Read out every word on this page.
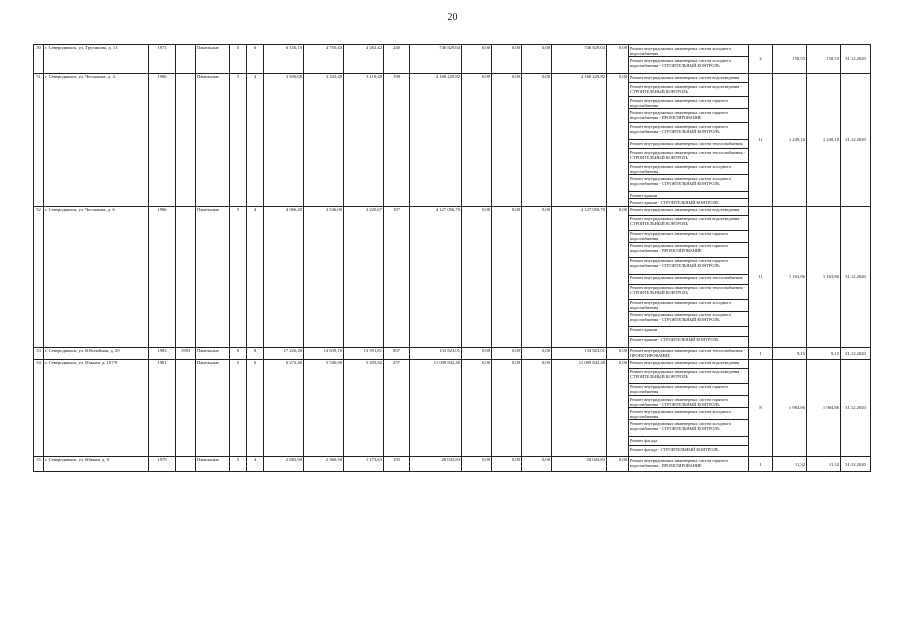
20
50	г. Северодвинск, ул. Трухинова, д. 13	1975		Панельные	5	6	6 150,15	4 750,43	4 262,42	240	746 829,04	0,00	0,00	0,00	746 829,04	0,00	Ремонт внутридомовых инженерных систем холодного водоснабжения	2	158,53	158,53	31.12.2020
																	Ремонт внутридомовых инженерных систем холодного водоснабжения - СТРОИТЕЛЬНЫЙ КОНТРОЛЬ				
51	г. Северодвинск, ул. Чеснокова, д. 4	1986		Панельные	5	4	3 856,68	3 332,40	3 119,40	198	4 168 229,82	0,00	0,00	0,00	4 168 229,82	0,00	Ремонт внутридомовых инженерных систем водоотведения	11	1 249,10	1 249,10	31.12.2020
																	Ремонт внутридомовых инженерных систем водоотведения - СТРОИТЕЛЬНЫЙ КОНТРОЛЬ				
																	Ремонт внутридомовых инженерных систем горячего водоснабжения				
																	Ремонт внутридомовых инженерных систем горячего водоснабжения - ПРОЕКТИРОВАНИЕ				
																	Ремонт внутридомовых инженерных систем горячего водоснабжения - СТРОИТЕЛЬНЫЙ КОНТРОЛЬ				
																	Ремонт внутридомовых инженерных систем теплоснабжения				
																	Ремонт внутридомовых инженерных систем теплоснабжения - СТРОИТЕЛЬНЫЙ КОНТРОЛЬ				
																	Ремонт внутридомовых инженерных систем холодного водоснабжения				
																	Ремонт внутридомовых инженерных систем холодного водоснабжения - СТРОИТЕЛЬНЫЙ КОНТРОЛЬ				
																	Ремонт крыши				
																	Ремонт крыши - СТРОИТЕЛЬНЫЙ КОНТРОЛЬ				
52	г. Северодвинск, ул. Чеснокова, д. 6	1986		Панельные	5	4	4 066,20	3 546,00	3 220,67	197	4 127 056,70	0,00	0,00	0,00	4 127 056,70	0,00	Ремонт внутридомовых инженерных систем водоотведения	11	1 163,86	1 163,86	31.12.2020
																	Ремонт внутридомовых инженерных систем водоотведения - СТРОИТЕЛЬНЫЙ КОНТРОЛЬ				
																	Ремонт внутридомовых инженерных систем горячего водоснабжения				
																	Ремонт внутридомовых инженерных систем горячего водоснабжения - ПРОЕКТИРОВАНИЕ				
																	Ремонт внутридомовых инженерных систем горячего водоснабжения - СТРОИТЕЛЬНЫЙ КОНТРОЛЬ				
																	Ремонт внутридомовых инженерных систем теплоснабжения				
																	Ремонт внутридомовых инженерных систем теплоснабжения - СТРОИТЕЛЬНЫЙ КОНТРОЛЬ				
																	Ремонт внутридомовых инженерных систем холодного водоснабжения				
																	Ремонт внутридомовых инженерных систем холодного водоснабжения - СТРОИТЕЛЬНЫЙ КОНТРОЛЬ				
																	Ремонт крыши				
																	Ремонт крыши - СТРОИТЕЛЬНЫЙ КОНТРОЛЬ				
53	г. Северодвинск, ул. Юбилейная, д. 29	1983	1983	Панельные	9	8	17 226,40	14 639,10	13 591,81	807	133 823,01	0,00	0,00	0,00	133 823,01	0,00	Ремонт внутридомовых инженерных систем теплоснабжения - ПРОЕКТИРОВАНИЕ	1	9,15	9,15	31.12.2020
54	г. Северодвинск, ул. Южная, д. 107/9	1981		Панельные	5	6	6 272,40	5 546,90	5 283,82	257	11 009 842,40	0,00	0,00	0,00	11 009 842,40	0,00	Ремонт внутридомовых инженерных систем водоотведения	8	1 984,86	1 984,86	31.12.2020
																	Ремонт внутридомовых инженерных систем водоотведения - СТРОИТЕЛЬНЫЙ КОНТРОЛЬ				
																	Ремонт внутридомовых инженерных систем горячего водоснабжения				
																	Ремонт внутридомовых инженерных систем горячего водоснабжения - СТРОИТЕЛЬНЫЙ КОНТРОЛЬ				
																	Ремонт внутридомовых инженерных систем холодного водоснабжения				
																	Ремонт внутридомовых инженерных систем холодного водоснабжения - СТРОИТЕЛЬНЫЙ КОНТРОЛЬ				
																	Ремонт фасада				
																	Ремонт фасада - СТРОИТЕЛЬНЫЙ КОНТРОЛЬ				
55	г. Северодвинск, ул. Южная, д. 8	1979		Панельные	5	4	2 683,90	2 360,30	1 173,63	195	28 043,83	0,00	0,00	0,00	28 043,83	0,00	Ремонт внутридомовых инженерных систем горячего водоснабжения - ПРОЕКТИРОВАНИЕ	1	11,32	11,32	31.12.2020
